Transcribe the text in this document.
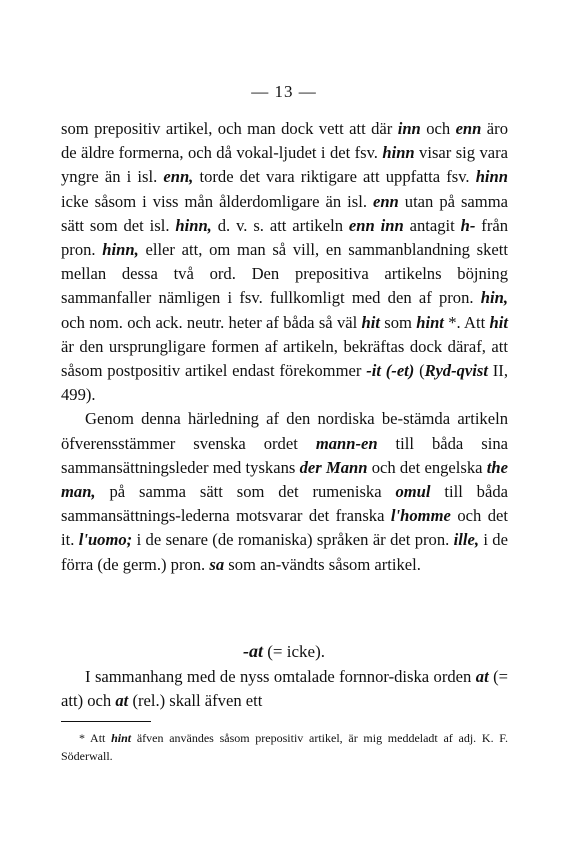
— 13 —

som prepositiv artikel, och man dock vett att där inn och enn äro de äldre formerna, och då vokal-ljudet i det fsv. hinn visar sig vara yngre än i isl. enn, torde det vara riktigare att uppfatta fsv. hinn icke såsom i viss mån ålderdomligare än isl. enn utan på samma sätt som det isl. hinn, d. v. s. att artikeln enn inn antagit h- från pron. hinn, eller att, om man så vill, en sammanblandning skett mellan dessa två ord. Den prepositiva artikelns böjning sammanfaller nämligen i fsv. fullkomligt med den af pron. hin, och nom. och ack. neutr. heter af båda så väl hit som hint *. Att hit är den ursprungligare formen af artikeln, bekräftas dock däraf, att såsom postpositiv artikel endast förekommer -it (-et) (Ryd-qvist II, 499).

Genom denna härledning af den nordiska be-stämda artikeln öfverensstämmer svenska ordet mann-en till båda sina sammansättningsleder med tyskans der Mann och det engelska the man, på samma sätt som det rumeniska omul till båda sammansättnings-lederna motsvarar det franska l'homme och det it. l'uomo; i de senare (de romaniska) språken är det pron. ille, i de förra (de germ.) pron. sa som an-vändts såsom artikel.

-at (= icke).

I sammanhang med de nyss omtalade fornnor-diska orden at (= att) och at (rel.) skall äfven ett

* Att hint äfven användes såsom prepositiv artikel, är mig meddeladt af adj. K. F. Söderwall.
